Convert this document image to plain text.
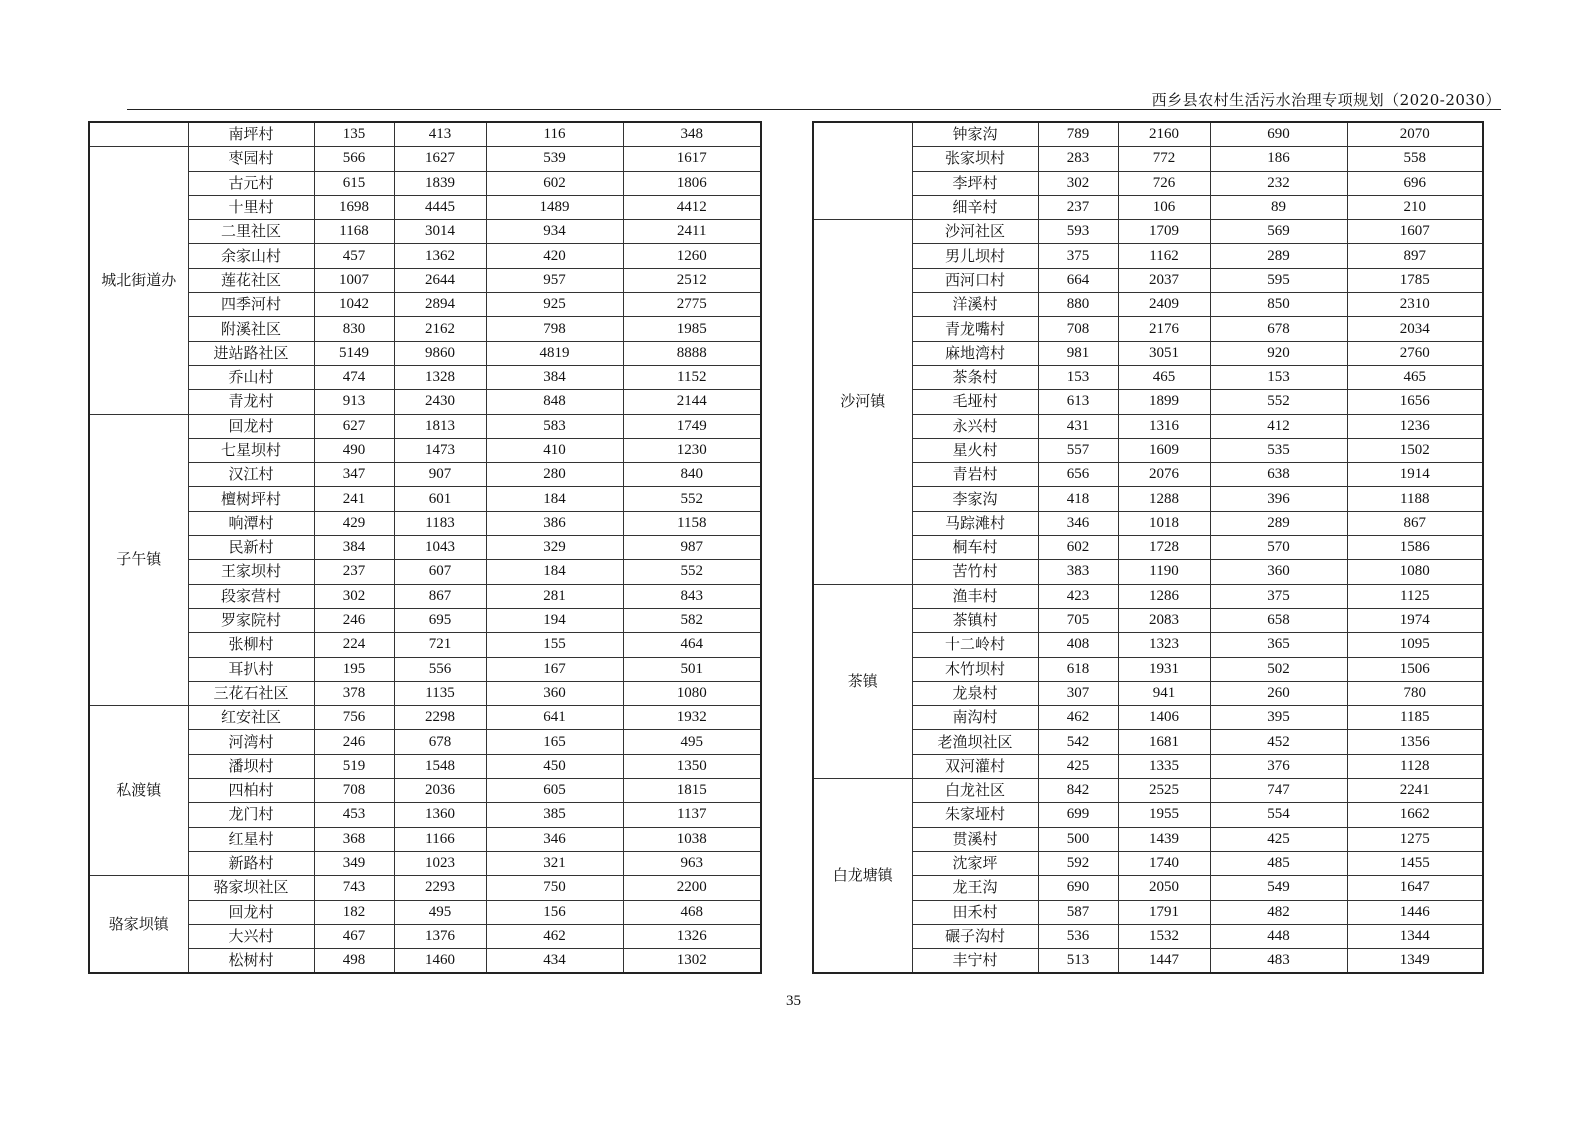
西乡县农村生活污水治理专项规划（2020-2030）
	南坪村	135	413	116	348
城北街道办	枣园村	566	1627	539	1617
	古元村	615	1839	602	1806
	十里村	1698	4445	1489	4412
	二里社区	1168	3014	934	2411
	余家山村	457	1362	420	1260
	莲花社区	1007	2644	957	2512
	四季河村	1042	2894	925	2775
	附溪社区	830	2162	798	1985
	进站路社区	5149	9860	4819	8888
	乔山村	474	1328	384	1152
	青龙村	913	2430	848	2144
子午镇	回龙村	627	1813	583	1749
	七星坝村	490	1473	410	1230
	汉江村	347	907	280	840
	檀树坪村	241	601	184	552
	响潭村	429	1183	386	1158
	民新村	384	1043	329	987
	王家坝村	237	607	184	552
	段家营村	302	867	281	843
	罗家院村	246	695	194	582
	张柳村	224	721	155	464
	耳扒村	195	556	167	501
	三花石社区	378	1135	360	1080
私渡镇	红安社区	756	2298	641	1932
	河湾村	246	678	165	495
	潘坝村	519	1548	450	1350
	四柏村	708	2036	605	1815
	龙门村	453	1360	385	1137
	红星村	368	1166	346	1038
	新路村	349	1023	321	963
骆家坝镇	骆家坝社区	743	2293	750	2200
	回龙村	182	495	156	468
	大兴村	467	1376	462	1326
	松树村	498	1460	434	1302
	钟家沟	789	2160	690	2070
	张家坝村	283	772	186	558
	李坪村	302	726	232	696
	细辛村	237	106	89	210
沙河镇	沙河社区	593	1709	569	1607
	男儿坝村	375	1162	289	897
	西河口村	664	2037	595	1785
	洋溪村	880	2409	850	2310
	青龙嘴村	708	2176	678	2034
	麻地湾村	981	3051	920	2760
	茶条村	153	465	153	465
	毛垭村	613	1899	552	1656
	永兴村	431	1316	412	1236
	星火村	557	1609	535	1502
	青岩村	656	2076	638	1914
	李家沟	418	1288	396	1188
	马踪滩村	346	1018	289	867
	桐车村	602	1728	570	1586
	苦竹村	383	1190	360	1080
茶镇	渔丰村	423	1286	375	1125
	茶镇村	705	2083	658	1974
	十二岭村	408	1323	365	1095
	木竹坝村	618	1931	502	1506
	龙泉村	307	941	260	780
	南沟村	462	1406	395	1185
	老渔坝社区	542	1681	452	1356
	双河灌村	425	1335	376	1128
白龙塘镇	白龙社区	842	2525	747	2241
	朱家垭村	699	1955	554	1662
	贯溪村	500	1439	425	1275
	沈家坪	592	1740	485	1455
	龙王沟	690	2050	549	1647
	田禾村	587	1791	482	1446
	碾子沟村	536	1532	448	1344
	丰宁村	513	1447	483	1349
35
